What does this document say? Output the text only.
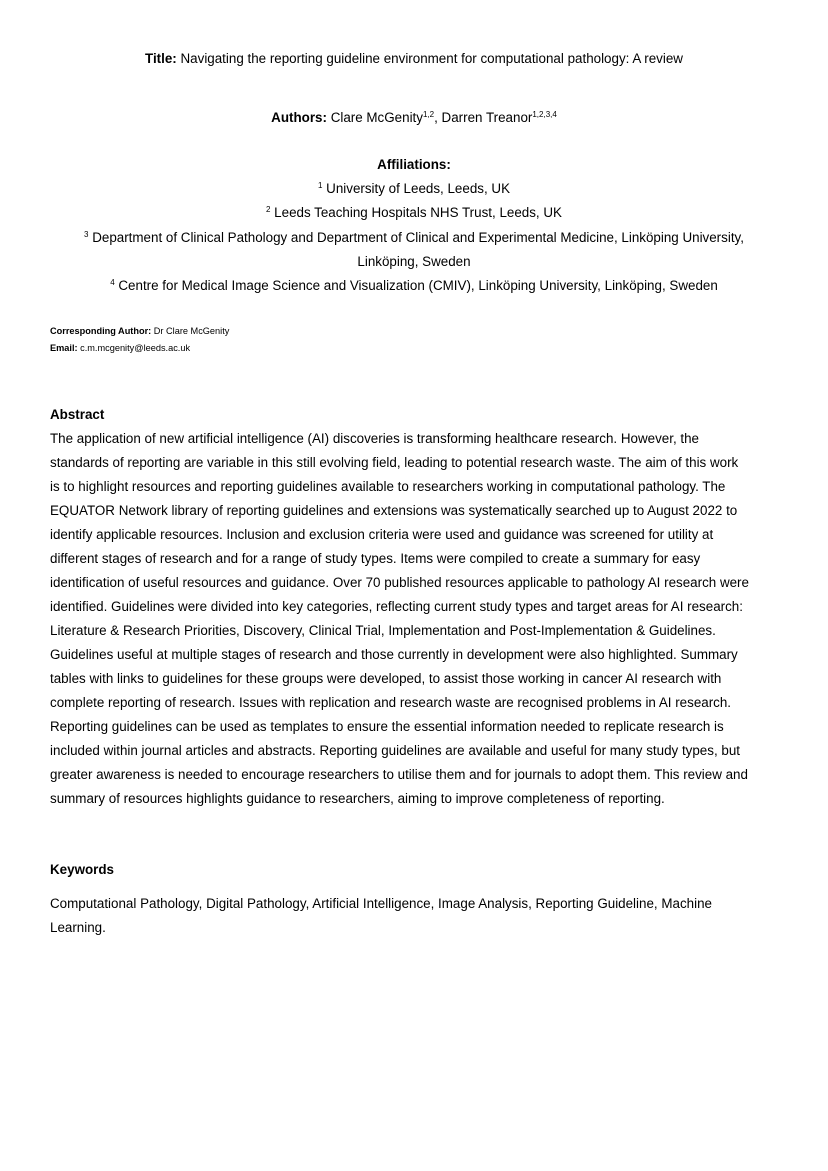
Title: Navigating the reporting guideline environment for computational pathology: A review
Authors: Clare McGenity$^{1,2}$, Darren Treanor$^{1,2,3,4}$
Affiliations:
$^1$ University of Leeds, Leeds, UK
$^2$ Leeds Teaching Hospitals NHS Trust, Leeds, UK
$^3$ Department of Clinical Pathology and Department of Clinical and Experimental Medicine, Linköping University,
Linköping, Sweden
$^4$ Centre for Medical Image Science and Visualization (CMIV), Linköping University, Linköping, Sweden
Corresponding Author: Dr Clare McGenity
Email: c.m.mcgenity@leeds.ac.uk
Abstract
The application of new artificial intelligence (AI) discoveries is transforming healthcare research. However, the
standards of reporting are variable in this still evolving field, leading to potential research waste. The aim of this work
is to highlight resources and reporting guidelines available to researchers working in computational pathology. The
EQUATOR Network library of reporting guidelines and extensions was systematically searched up to August 2022 to
identify applicable resources. Inclusion and exclusion criteria were used and guidance was screened for utility at
different stages of research and for a range of study types. Items were compiled to create a summary for easy
identification of useful resources and guidance. Over 70 published resources applicable to pathology AI research were
identified. Guidelines were divided into key categories, reflecting current study types and target areas for AI research:
Literature & Research Priorities, Discovery, Clinical Trial, Implementation and Post-Implementation & Guidelines.
Guidelines useful at multiple stages of research and those currently in development were also highlighted. Summary
tables with links to guidelines for these groups were developed, to assist those working in cancer AI research with
complete reporting of research. Issues with replication and research waste are recognised problems in AI research.
Reporting guidelines can be used as templates to ensure the essential information needed to replicate research is
included within journal articles and abstracts. Reporting guidelines are available and useful for many study types, but
greater awareness is needed to encourage researchers to utilise them and for journals to adopt them. This review and
summary of resources highlights guidance to researchers, aiming to improve completeness of reporting.
Keywords
Computational Pathology, Digital Pathology, Artificial Intelligence, Image Analysis, Reporting Guideline, Machine
Learning.
